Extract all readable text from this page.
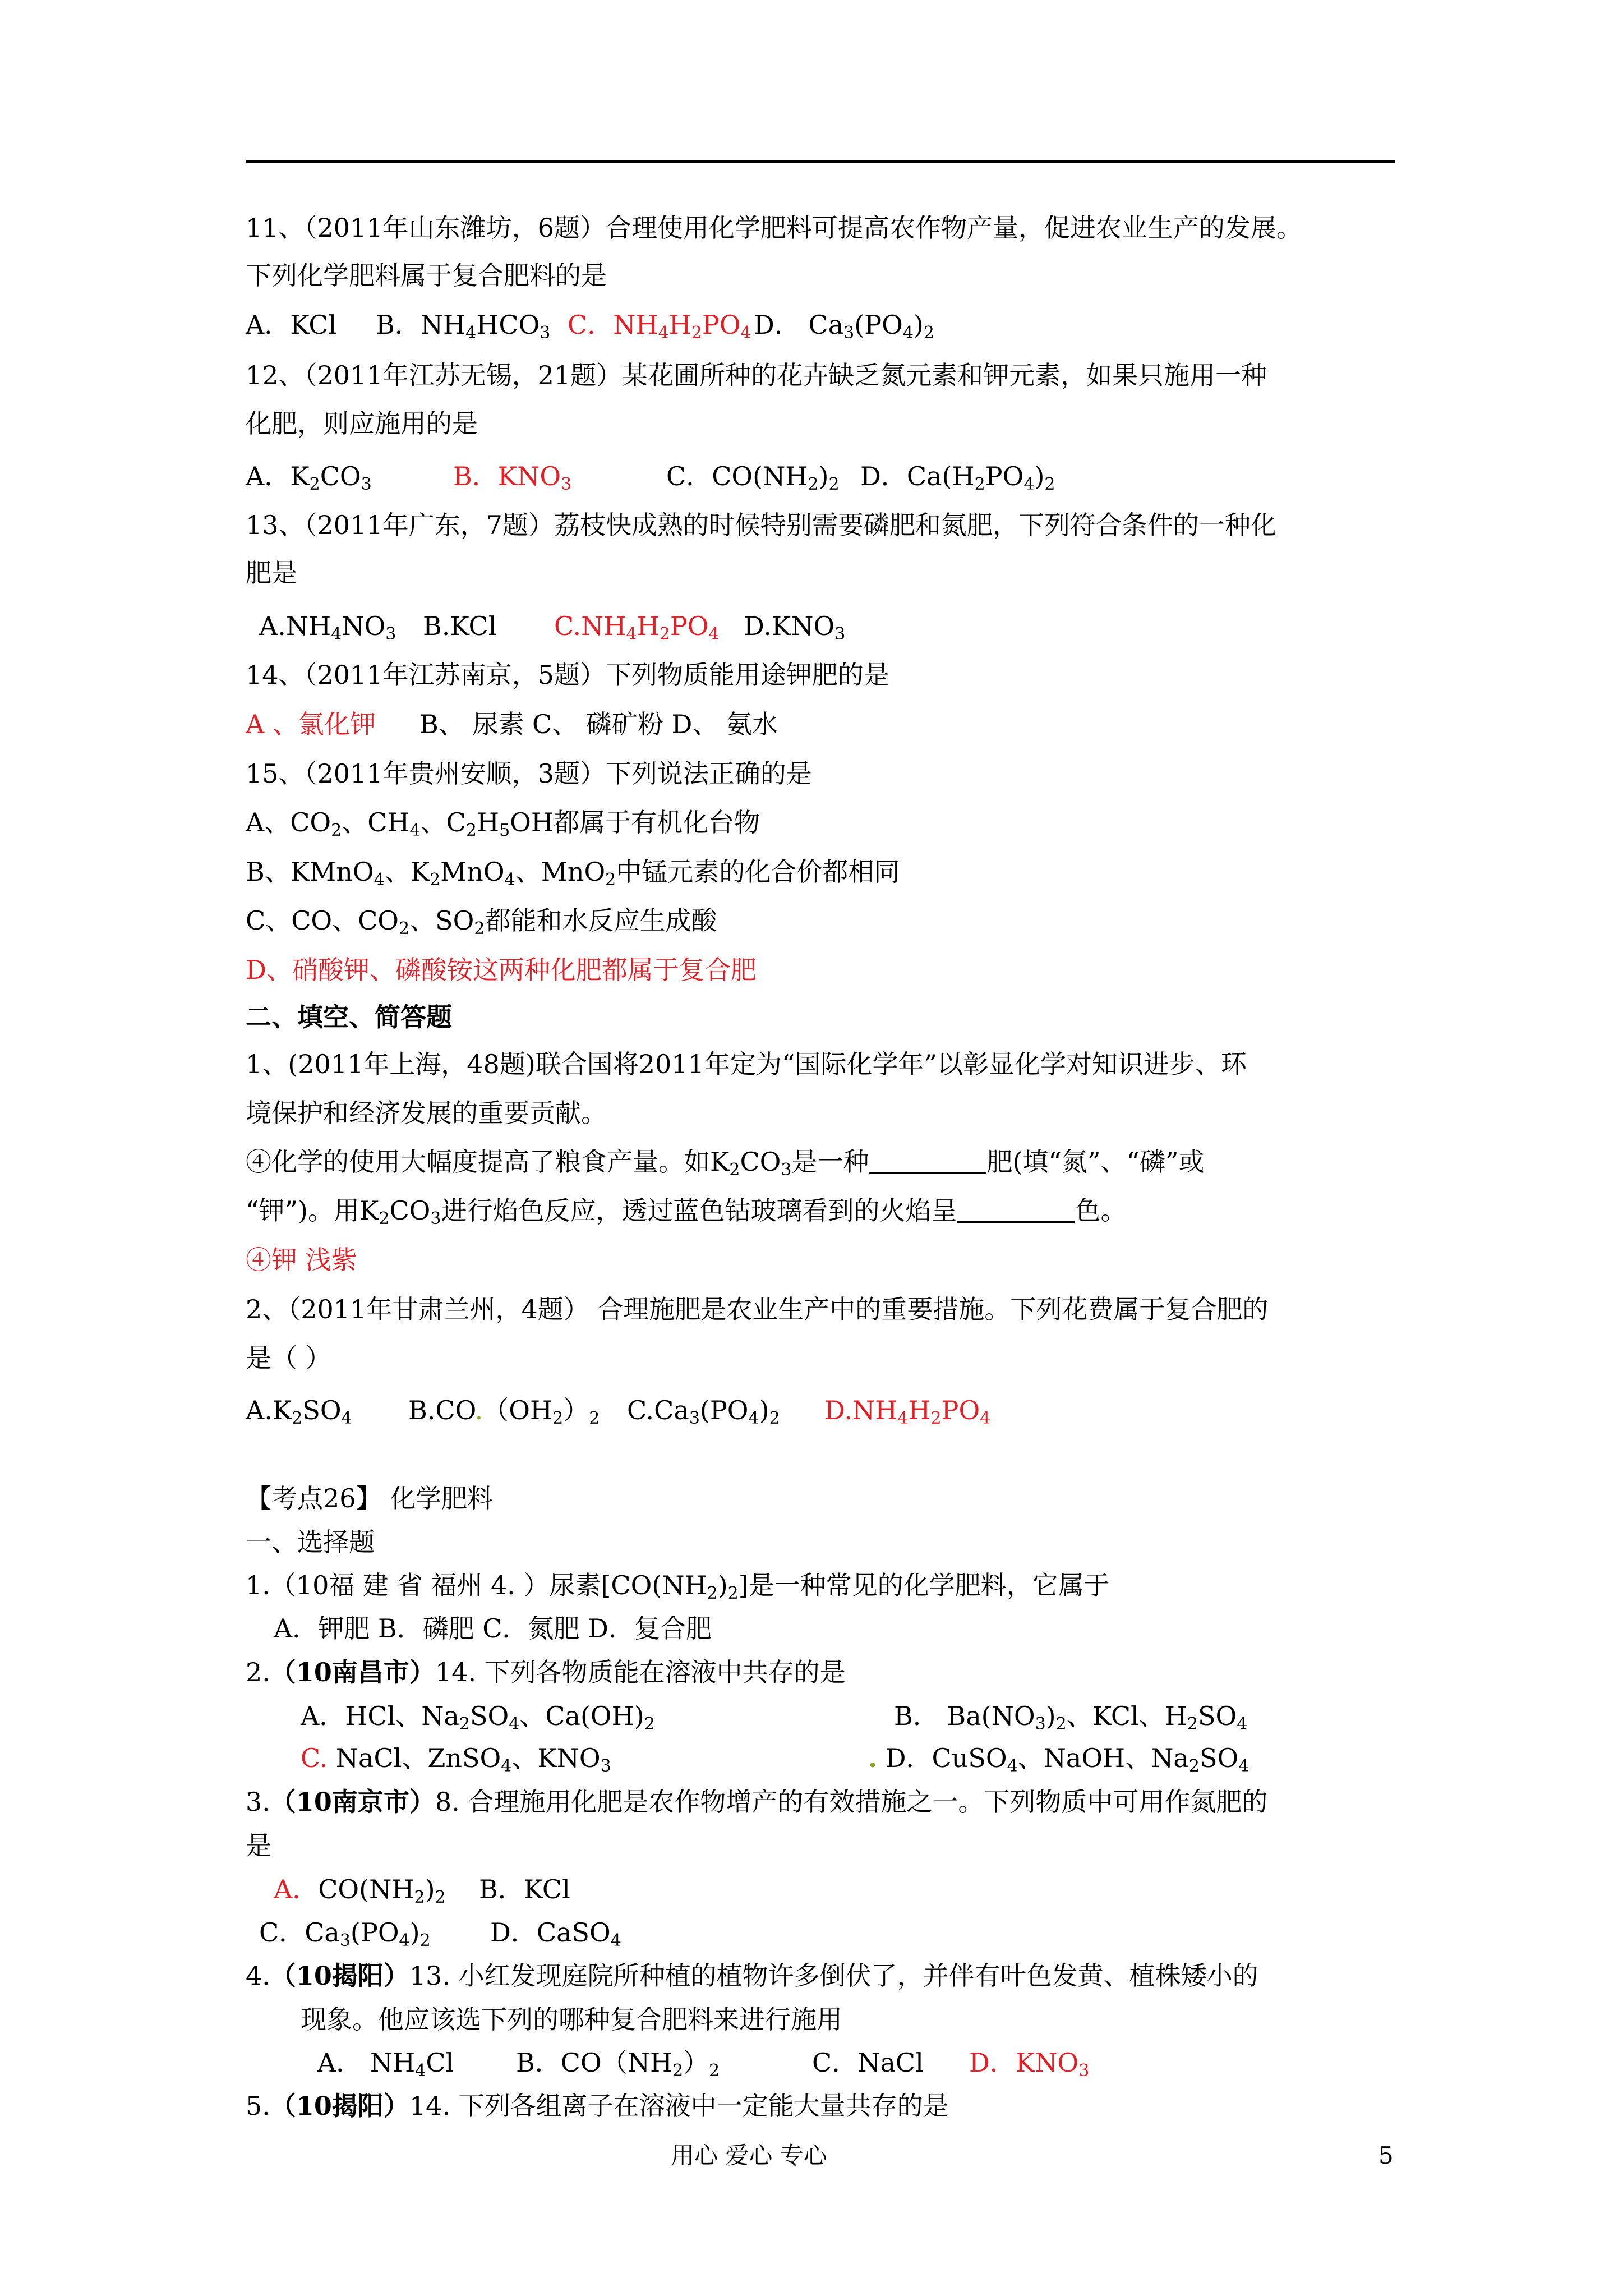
11、（2011年山东潍坊，6题）合理使用化学肥料可提高农作物产量，促进农业生产的发展。
下列化学肥料属于复合肥料的是
A．KCl B．$NH_4HCO_3$ C．$NH_4H_2PO_4$ D． $Ca_3(PO_4)_2$
12、（2011年江苏无锡，21题）某花圃所种的花卉缺乏氮元素和钾元素，如果只施用一种
化肥，则应施用的是
A．$K_2CO_3$	B．$KNO_3$	C．$CO(NH_2)_2$ D．$Ca(H_2PO_4)_2$
13、（2011年广东，7题）荔枝快成熟的时候特别需要磷肥和氮肥，下列符合条件的一种化
肥是
$A.NH_4NO_3$ B.KCl $C.NH_4H_2PO_4$ $D.KNO_3$
14、（2011年江苏南京，5题）下列物质能用途钾肥的是
A 、氯化钾 B、 尿素 C、 磷矿粉 D、 氨水
15、（2011年贵州安顺，3题）下列说法正确的是
A、$CO_2$、$CH_4$、$C_2H_5OH$都属于有机化台物
B、KMnO$_4$、$K_2MnO_4$、MnO$_2$中锰元素的化合价都相同
C、CO、$CO_2$、$SO_2$都能和水反应生成酸
D、硝酸钾、磷酸铵这两种化肥都属于复合肥
二、填空、简答题
1、(2011年上海，48题)联合国将2011年定为“国际化学年”以彰显化学对知识进步、环
境保护和经济发展的重要贡献。
④化学的使用大幅度提高了粮食产量。如$K_2CO_3$是一种	肥(填“氮”、“磷”或
“钾”)。用$K_2CO_3$进行焰色反应，透过蓝色钴玻璃看到的火焰呈	色。
④钾 浅紫
2、（2011年甘肃兰州，4题） 合理施肥是农业生产中的重要措施。下列花费属于复合肥的
是（ ）
$A.K_2SO_4$ $B.CO.(OH_2)_2$ $C.Ca_3(PO_4)_2$ $D.NH_4H_2PO_4$
【考点26】 化学肥料
一、选择题
1.（10福 建 省 福州 4. ）尿素$[CO(NH_2)_2]$是一种常见的化学肥料，它属于
A．钾肥 B．磷肥 C．氮肥 D．复合肥
2.（10南昌市）14. 下列各物质能在溶液中共存的是
A．HCl、$Na_2SO_4$、$Ca(OH)_2$	B． $Ba(NO_3)_2$、KCl、$H_2SO_4$
C. NaCl、ZnSO$_4$、$KNO_3$	. D．CuSO$_4$、NaOH、$Na_2SO_4$
3.（10南京市）8. 合理施用化肥是农作物增产的有效措施之一。下列物质中可用作氮肥的
是
A．$CO(NH_2)_2$ B．KCl
C．$Ca_3(PO_4)_2$ D．CaSO$_4$
4.（10揭阳）13. 小红发现庭院所种植的植物许多倒伏了，并伴有叶色发黄、植株矮小的
现象。他应该选下列的哪种复合肥料来进行施用
A． $NH_4Cl$ B．$CO(NH_2)_2$	C．NaCl D．$KNO_3$
5.（10揭阳）14. 下列各组离子在溶液中一定能大量共存的是
用心 爱心 专心	5
